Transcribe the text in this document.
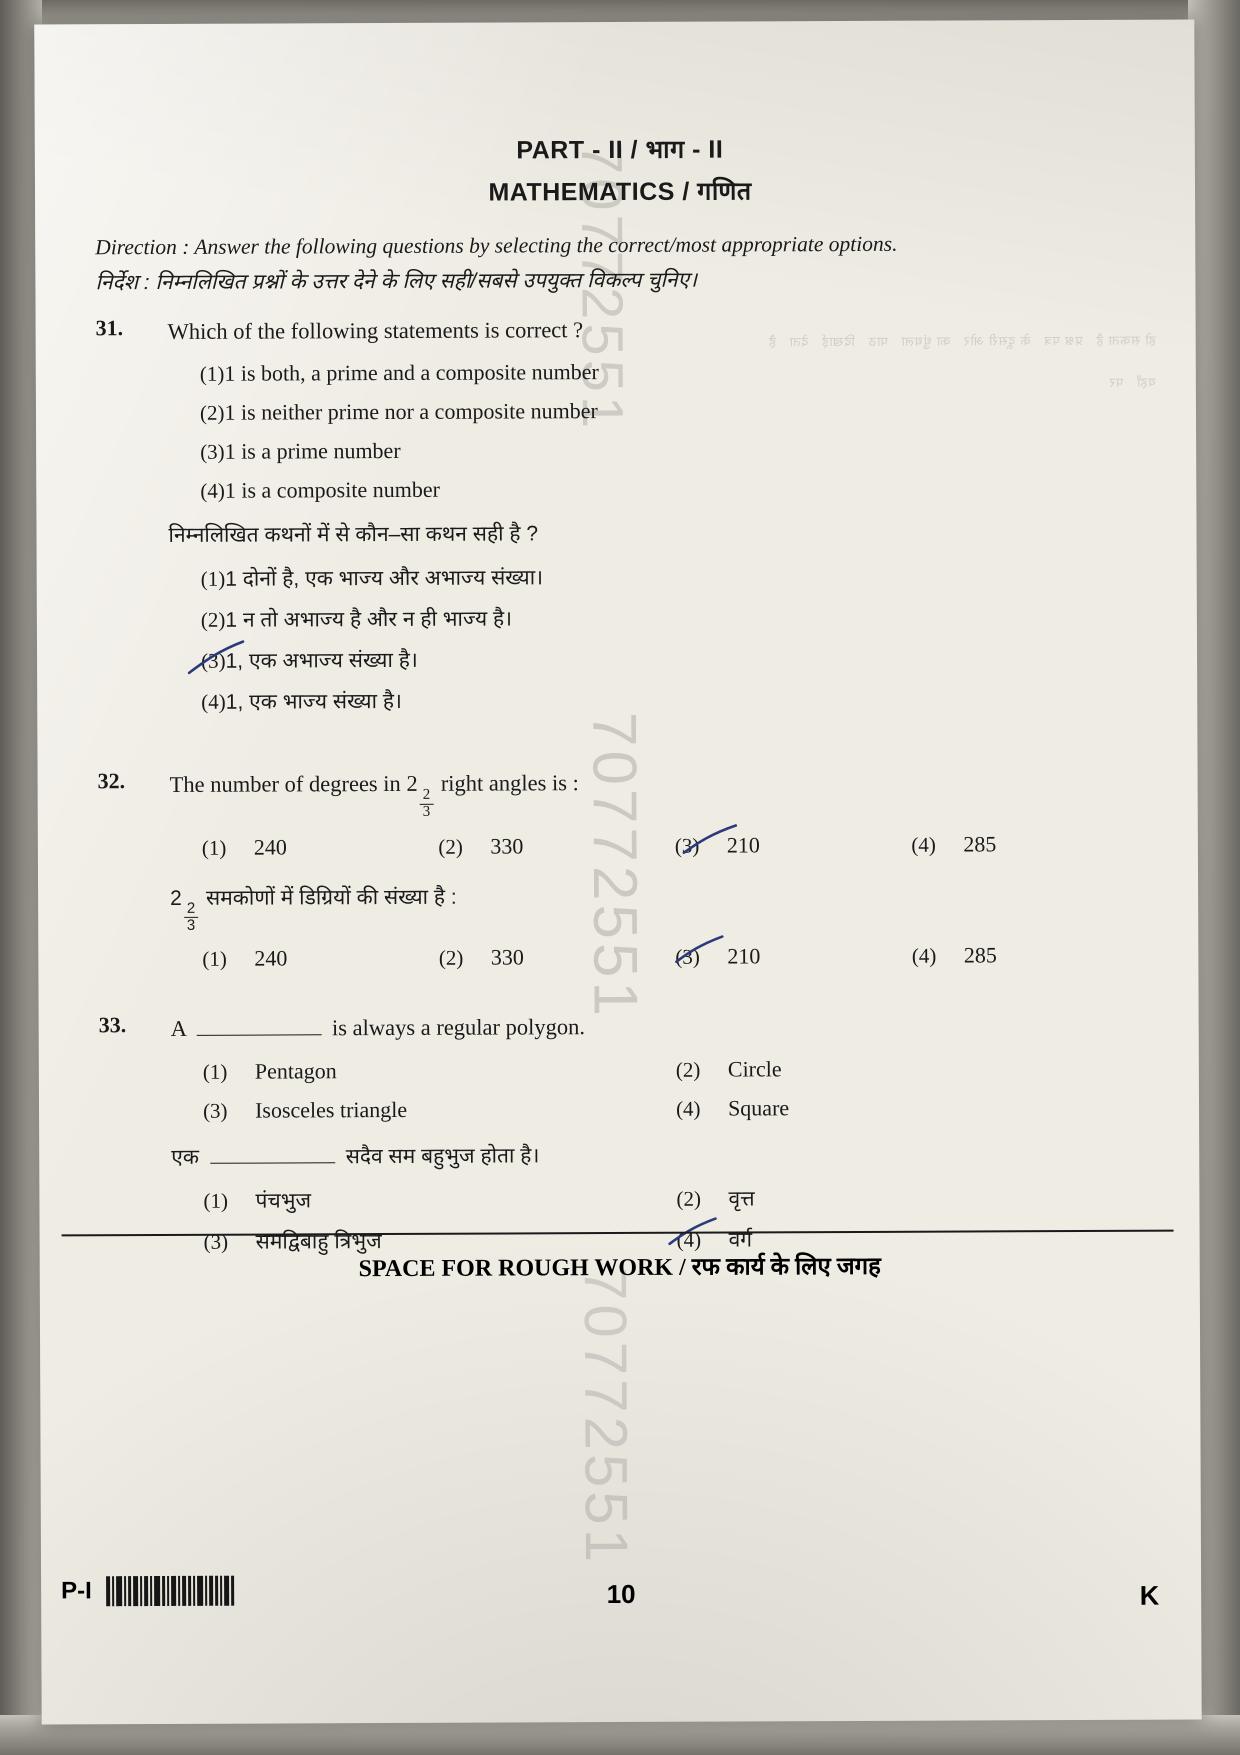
हो सकता है   प्रश्न पत्र   के दूसरी ओर   का धुंधला   पाठ   दिखाई   देता   है   यहाँ   पर
70772551
70772551
70772551
PART - II / भाग - II
MATHEMATICS / गणित
Direction : Answer the following questions by selecting the correct/most appropriate options.
निर्देश : निम्नलिखित प्रश्नों के उत्तर देने के लिए सही/सबसे उपयुक्त विकल्प चुनिए।
31.	Which of the following statements is correct ?
(1)1 is both, a prime and a composite number
(2)1 is neither prime nor a composite number
(3)1 is a prime number
(4)1 is a composite number
निम्नलिखित कथनों में से कौन–सा कथन सही है ?
(1)1 दोनों है, एक भाज्य और अभाज्य संख्या।
(2)1 न तो अभाज्य है और न ही भाज्य है।
(3)1, एक अभाज्य संख्या है।
(4)1, एक भाज्य संख्या है।
32.	The number of degrees in 2
$\frac{2}{3}$
right angles is :
(1)	240	(2)	330	(3)	210	(4)	285
2
$\frac{2}{3}$
समकोणों में डिग्रियों की संख्या है :
(1)	240	(2)	330	(3)	210	(4)	285
33.	A	is always a regular polygon.
(1)	Pentagon	(2)	Circle
(3)	Isosceles triangle	(4)	Square
एक	सदैव सम बहुभुज होता है।
(1)	पंचभुज	(2)	वृत्त
(3)	समद्विबाहु त्रिभुज	(4)	वर्ग
SPACE FOR ROUGH WORK / रफ कार्य के लिए जगह
P-I	10	K
